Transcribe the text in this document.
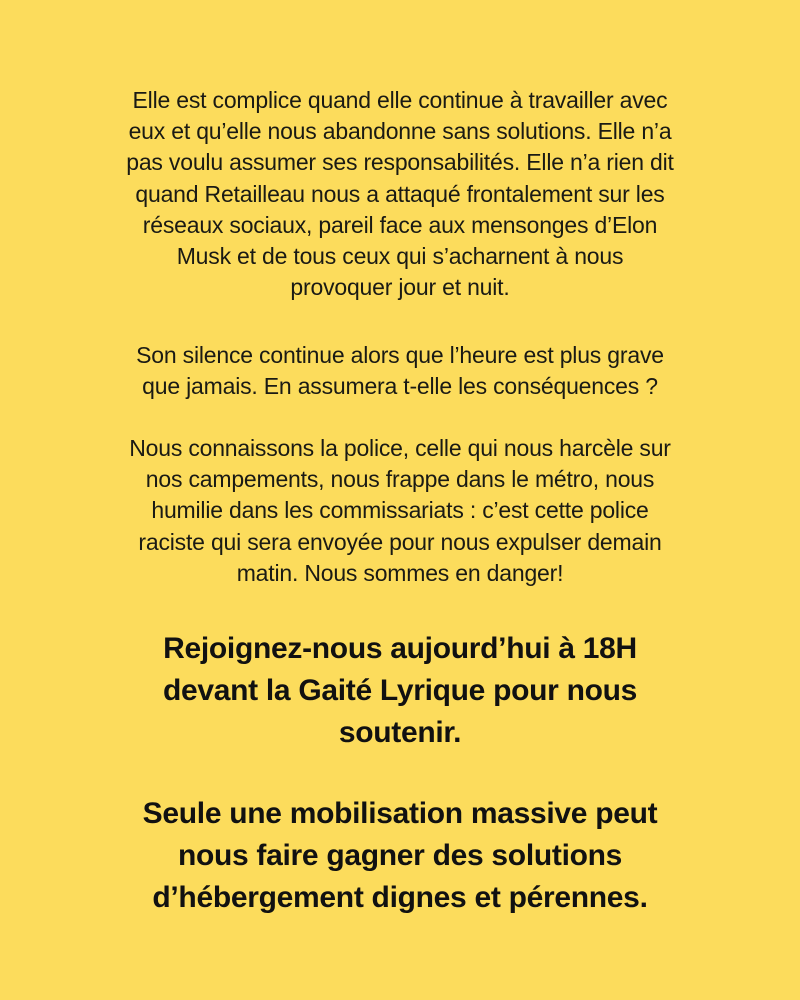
Elle est complice quand elle continue à travailler avec
eux et qu’elle nous abandonne sans solutions. Elle n’a
pas voulu assumer ses responsabilités. Elle n’a rien dit
quand Retailleau nous a attaqué frontalement sur les
réseaux sociaux, pareil face aux mensonges d’Elon
Musk et de tous ceux qui s’acharnent à nous
provoquer jour et nuit.
Son silence continue alors que l’heure est plus grave
que jamais. En assumera t-elle les conséquences ?
Nous connaissons la police, celle qui nous harcèle sur
nos campements, nous frappe dans le métro, nous
humilie dans les commissariats : c’est cette police
raciste qui sera envoyée pour nous expulser demain
matin. Nous sommes en danger!
Rejoignez-nous aujourd’hui à 18H
devant la Gaité Lyrique pour nous
soutenir.
Seule une mobilisation massive peut
nous faire gagner des solutions
d’hébergement dignes et pérennes.
